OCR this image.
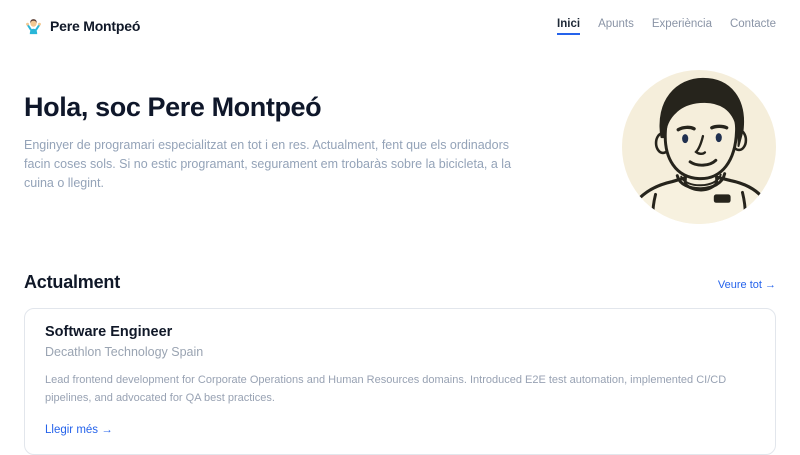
Pere Montpeó	Inici Apunts Experiència Contacte
Hola, soc Pere Montpeó

Enginyer de programari especialitzat en tot i en res. Actualment, fent que els ordinadors facin coses sols. Si no estic programant, segurament em trobaràs sobre la bicicleta, a la cuina o llegint.

Actualment	Veure tot →
Software Engineer

Decathlon Technology Spain

Lead frontend development for Corporate Operations and Human Resources domains. Introduced E2E test automation, implemented CI/CD pipelines, and advocated for QA best practices.

Llegir més →
